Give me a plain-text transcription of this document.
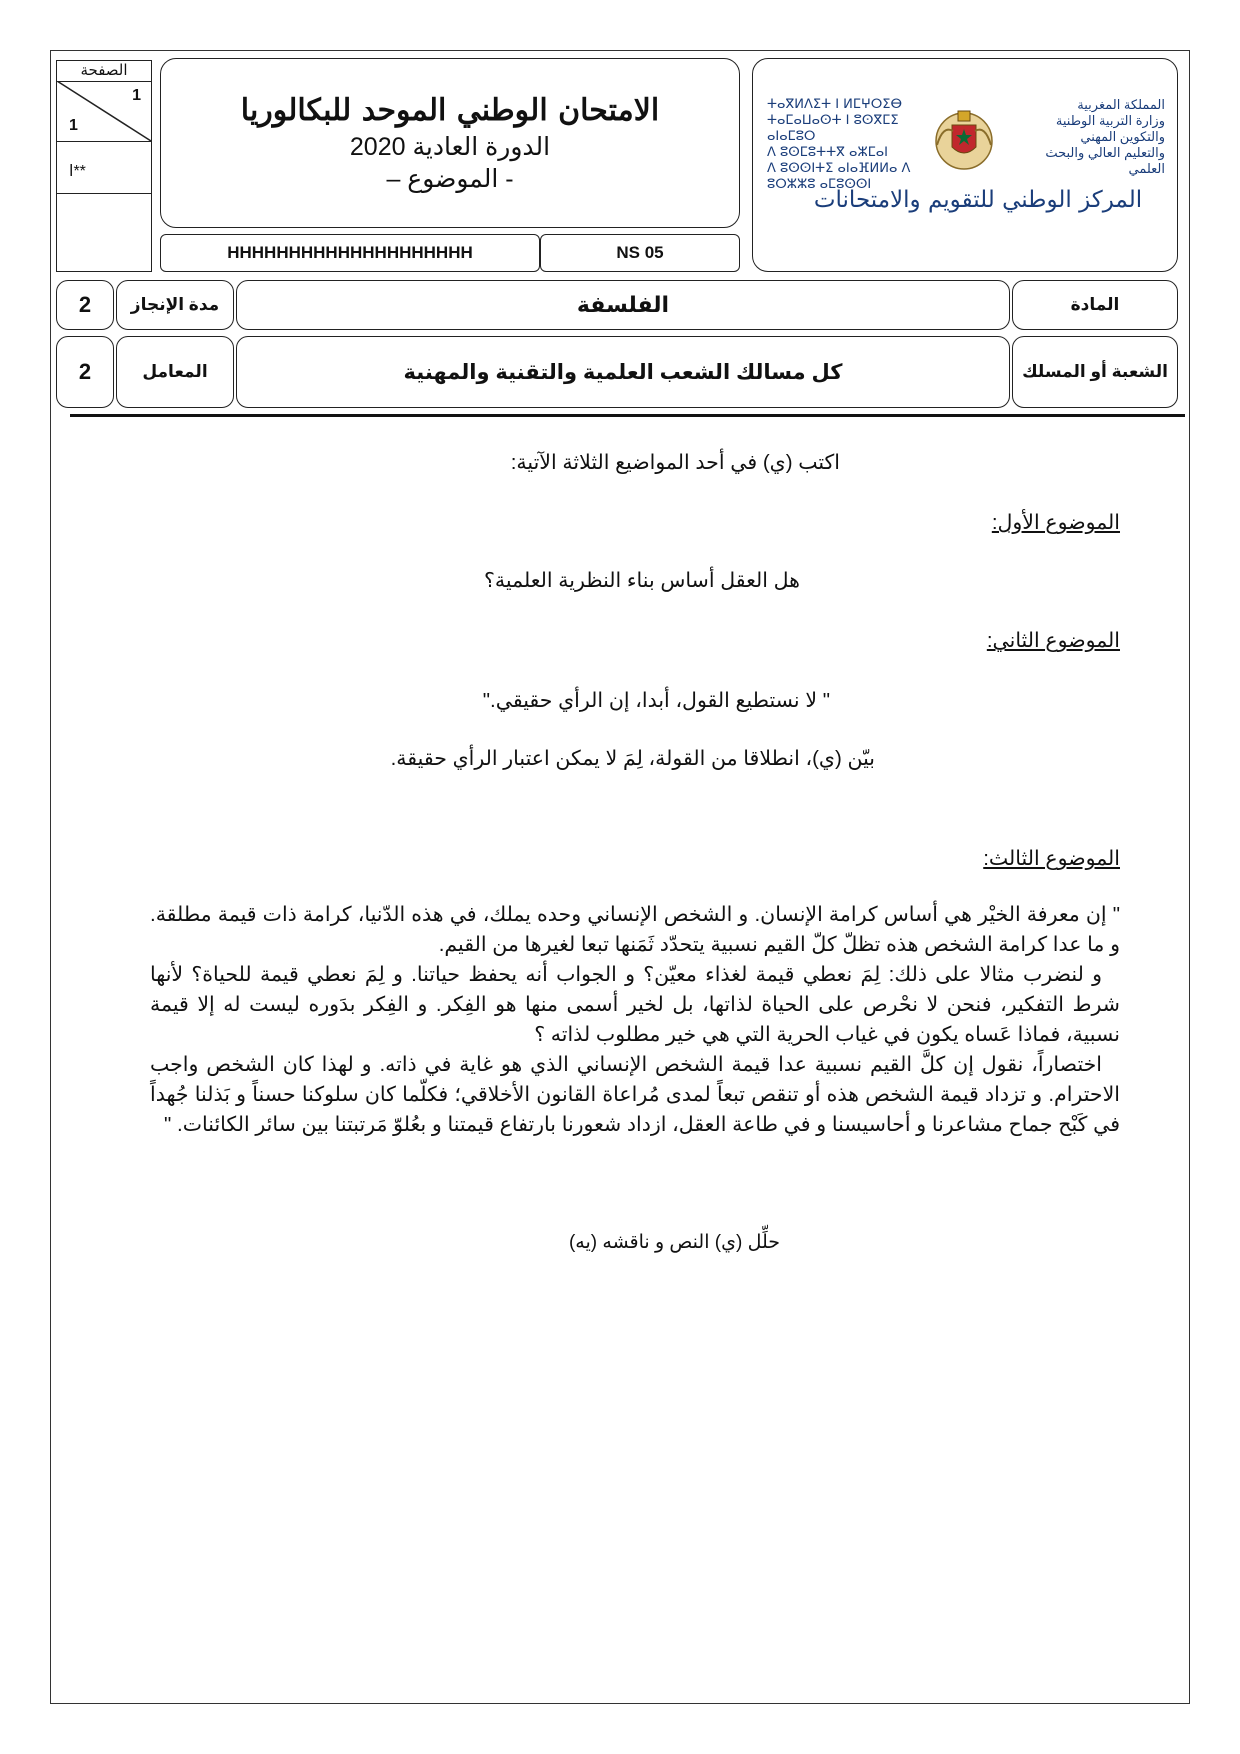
الصفحة
1
1
ا**
الامتحان الوطني الموحد للبكالوريا
الدورة العادية 2020
- الموضوع –
HHHHHHHHHHHHHHHHHHHH	NS 05
المملكة المغربية
وزارة التربية الوطنية
والتكوين المهني
والتعليم العالي والبحث العلمي
ⵜⴰⴳⵍⴷⵉⵜ ⵏ ⵍⵎⵖⵔⵉⴱ
ⵜⴰⵎⴰⵡⴰⵙⵜ ⵏ ⵓⵙⴳⵎⵉ ⴰⵏⴰⵎⵓⵔ
ⴷ ⵓⵙⵎⵓⵜⵜⴳ ⴰⵣⵎⴰⵏ
ⴷ ⵓⵙⵙⵏⵜⵉ ⴰⵏⴰⴼⵍⵍⴰ ⴷ ⵓⵔⵣⵣⵓ ⴰⵎⵓⵙⵙⵏ
المركز الوطني للتقويم والامتحانات
2	مدة الإنجاز	الفلسفة	المادة
2	المعامل	كل مسالك الشعب العلمية والتقنية والمهنية	الشعبة أو المسلك
اكتب (ي) في أحد المواضيع الثلاثة الآتية:
الموضوع الأول:
هل العقل أساس بناء النظرية العلمية؟
الموضوع الثاني:
" لا نستطيع القول، أبدا، إن الرأي حقيقي."
بيّن (ي)، انطلاقا من القولة، لِمَ لا يمكن اعتبار الرأي حقيقة.
الموضوع الثالث:
" إن معرفة الخيْر هي أساس كرامة الإنسان. و الشخص الإنساني وحده يملك، في هذه الدّنيا، كرامة ذات قيمة مطلقة. و ما عدا كرامة الشخص هذه تظلّ كلّ القيم نسبية يتحدّد ثَمَنها تبعا لغيرها من القيم.
و لنضرب مثالا على ذلك: لِمَ نعطي قيمة لغذاء معيّن؟ و الجواب أنه يحفظ حياتنا. و لِمَ نعطي قيمة للحياة؟ لأنها شرط التفكير، فنحن لا نحْرص على الحياة لذاتها، بل لخير أسمى منها هو الفِكر. و الفِكر بدَوره ليست له إلا قيمة نسبية، فماذا عَساه يكون في غياب الحرية التي هي خير مطلوب لذاته ؟
اختصاراً، نقول إن كلَّ القيم نسبية عدا قيمة الشخص الإنساني الذي هو غاية في ذاته. و لهذا كان الشخص واجب الاحترام. و تزداد قيمة الشخص هذه أو تنقص تبعاً لمدى مُراعاة القانون الأخلاقي؛ فكلّما كان سلوكنا حسناً و بَذلنا جُهداً في كَبْح جماح مشاعرنا و أحاسيسنا و في طاعة العقل، ازداد شعورنا بارتفاع قيمتنا و بعُلوّ مَرتبتنا بين سائر الكائنات. "
حلِّل (ي) النص و ناقشه (يه)
